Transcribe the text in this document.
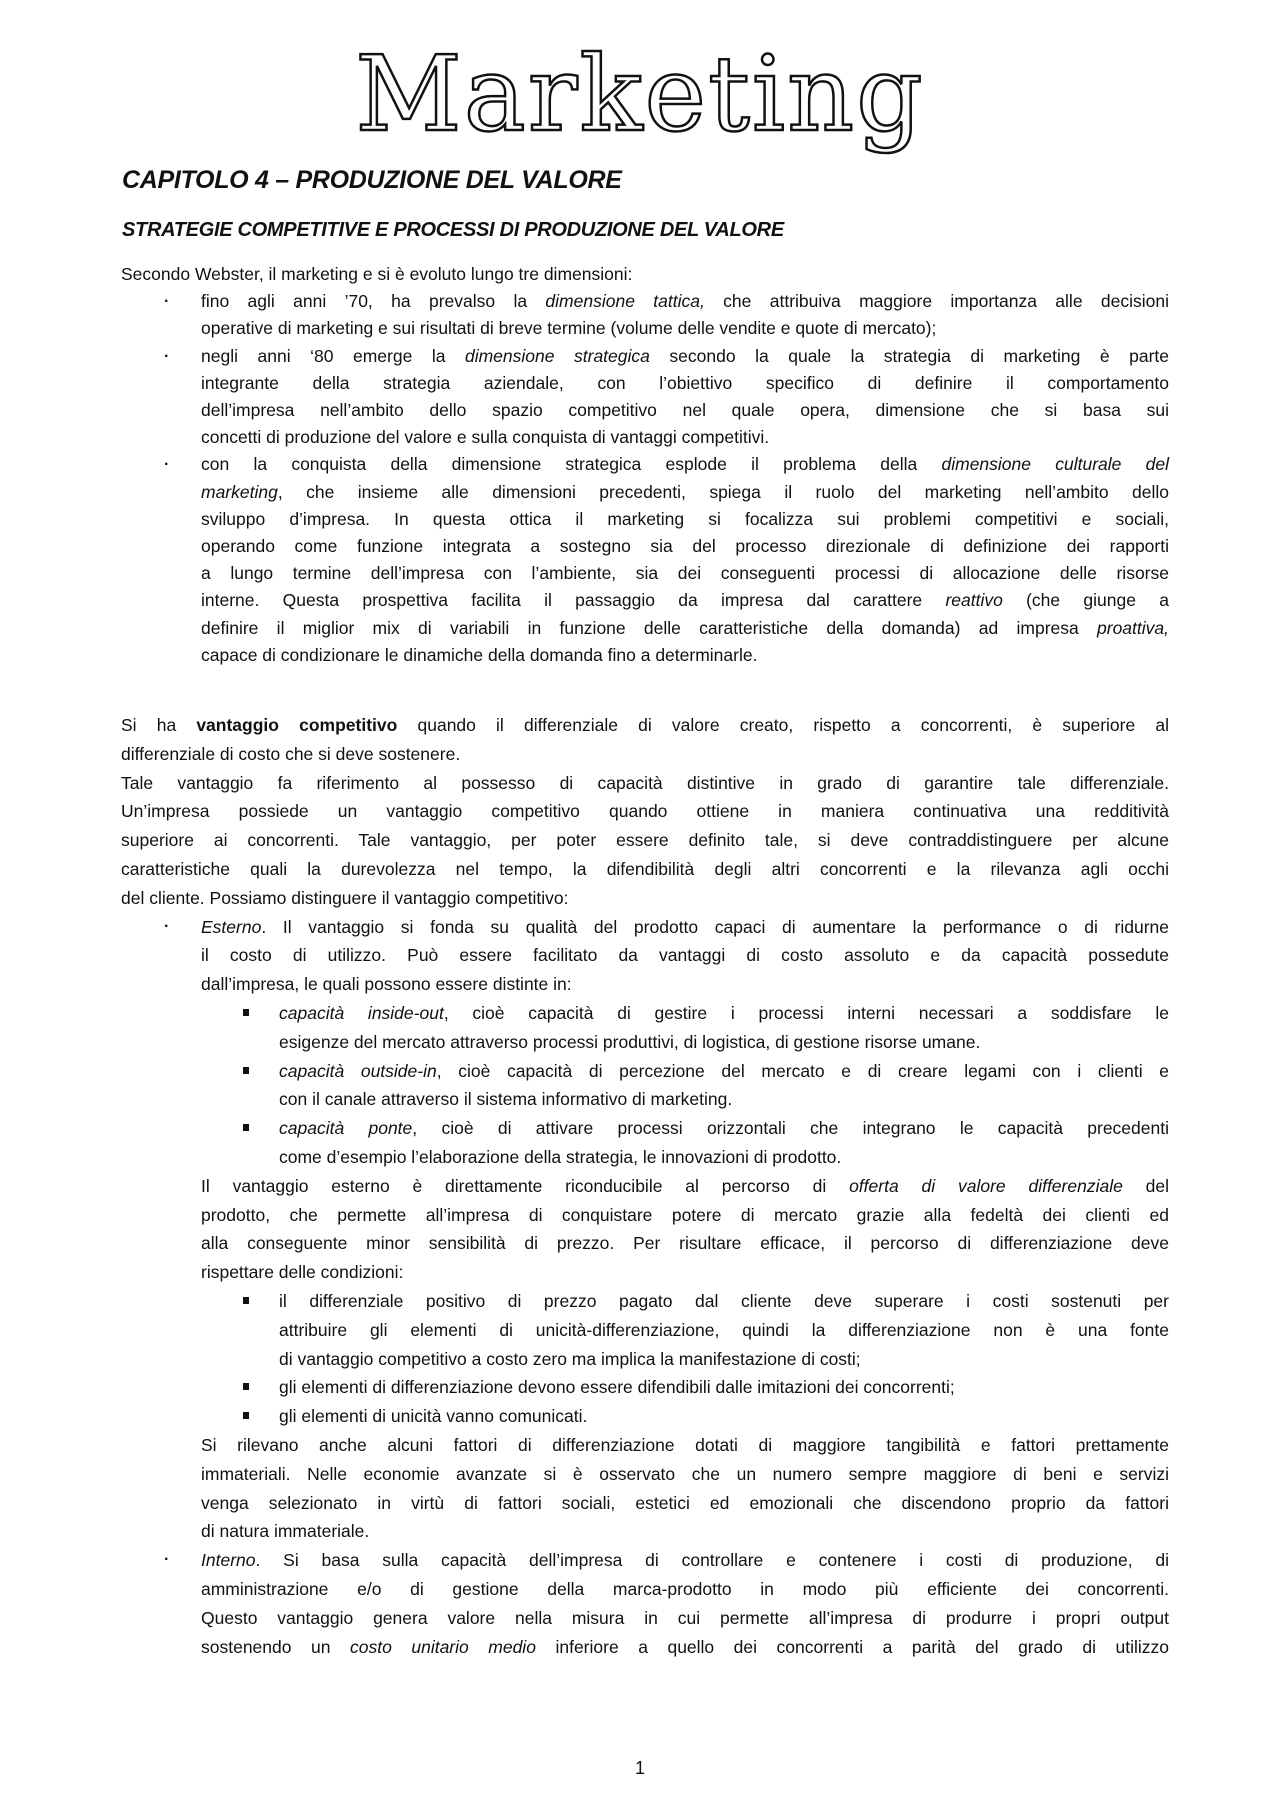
Marketing
CAPITOLO 4 – PRODUZIONE DEL VALORE
STRATEGIE COMPETITIVE E PROCESSI DI PRODUZIONE DEL VALORE
Secondo Webster, il marketing e si è evoluto lungo tre dimensioni:
· fino agli anni ’70, ha prevalso la dimensione tattica, che attribuiva maggiore importanza alle decisioni
operative di marketing e sui risultati di breve termine (volume delle vendite e quote di mercato);
· negli anni ‘80 emerge la dimensione strategica secondo la quale la strategia di marketing è parte
integrante della strategia aziendale, con l’obiettivo specifico di definire il comportamento
dell’impresa nell’ambito dello spazio competitivo nel quale opera, dimensione che si basa sui
concetti di produzione del valore e sulla conquista di vantaggi competitivi.
· con la conquista della dimensione strategica esplode il problema della dimensione culturale del
marketing, che insieme alle dimensioni precedenti, spiega il ruolo del marketing nell’ambito dello
sviluppo d’impresa. In questa ottica il marketing si focalizza sui problemi competitivi e sociali,
operando come funzione integrata a sostegno sia del processo direzionale di definizione dei rapporti
a lungo termine dell’impresa con l’ambiente, sia dei conseguenti processi di allocazione delle risorse
interne. Questa prospettiva facilita il passaggio da impresa dal carattere reattivo (che giunge a
definire il miglior mix di variabili in funzione delle caratteristiche della domanda) ad impresa proattiva,
capace di condizionare le dinamiche della domanda fino a determinarle.
Si ha vantaggio competitivo quando il differenziale di valore creato, rispetto a concorrenti, è superiore al
differenziale di costo che si deve sostenere.
Tale vantaggio fa riferimento al possesso di capacità distintive in grado di garantire tale differenziale.
Un’impresa possiede un vantaggio competitivo quando ottiene in maniera continuativa una redditività
superiore ai concorrenti. Tale vantaggio, per poter essere definito tale, si deve contraddistinguere per alcune
caratteristiche quali la durevolezza nel tempo, la difendibilità degli altri concorrenti e la rilevanza agli occhi
del cliente. Possiamo distinguere il vantaggio competitivo:
· Esterno. Il vantaggio si fonda su qualità del prodotto capaci di aumentare la performance o di ridurne
il costo di utilizzo. Può essere facilitato da vantaggi di costo assoluto e da capacità possedute
dall’impresa, le quali possono essere distinte in:
capacità inside-out, cioè capacità di gestire i processi interni necessari a soddisfare le
esigenze del mercato attraverso processi produttivi, di logistica, di gestione risorse umane.
capacità outside-in, cioè capacità di percezione del mercato e di creare legami con i clienti e
con il canale attraverso il sistema informativo di marketing.
capacità ponte, cioè di attivare processi orizzontali che integrano le capacità precedenti
come d’esempio l’elaborazione della strategia, le innovazioni di prodotto.
Il vantaggio esterno è direttamente riconducibile al percorso di offerta di valore differenziale del
prodotto, che permette all’impresa di conquistare potere di mercato grazie alla fedeltà dei clienti ed
alla conseguente minor sensibilità di prezzo. Per risultare efficace, il percorso di differenziazione deve
rispettare delle condizioni:
il differenziale positivo di prezzo pagato dal cliente deve superare i costi sostenuti per
attribuire gli elementi di unicità-differenziazione, quindi la differenziazione non è una fonte
di vantaggio competitivo a costo zero ma implica la manifestazione di costi;
gli elementi di differenziazione devono essere difendibili dalle imitazioni dei concorrenti;
gli elementi di unicità vanno comunicati.
Si rilevano anche alcuni fattori di differenziazione dotati di maggiore tangibilità e fattori prettamente
immateriali. Nelle economie avanzate si è osservato che un numero sempre maggiore di beni e servizi
venga selezionato in virtù di fattori sociali, estetici ed emozionali che discendono proprio da fattori
di natura immateriale.
· Interno. Si basa sulla capacità dell’impresa di controllare e contenere i costi di produzione, di
amministrazione e/o di gestione della marca-prodotto in modo più efficiente dei concorrenti.
Questo vantaggio genera valore nella misura in cui permette all’impresa di produrre i propri output
sostenendo un costo unitario medio inferiore a quello dei concorrenti a parità del grado di utilizzo
1
